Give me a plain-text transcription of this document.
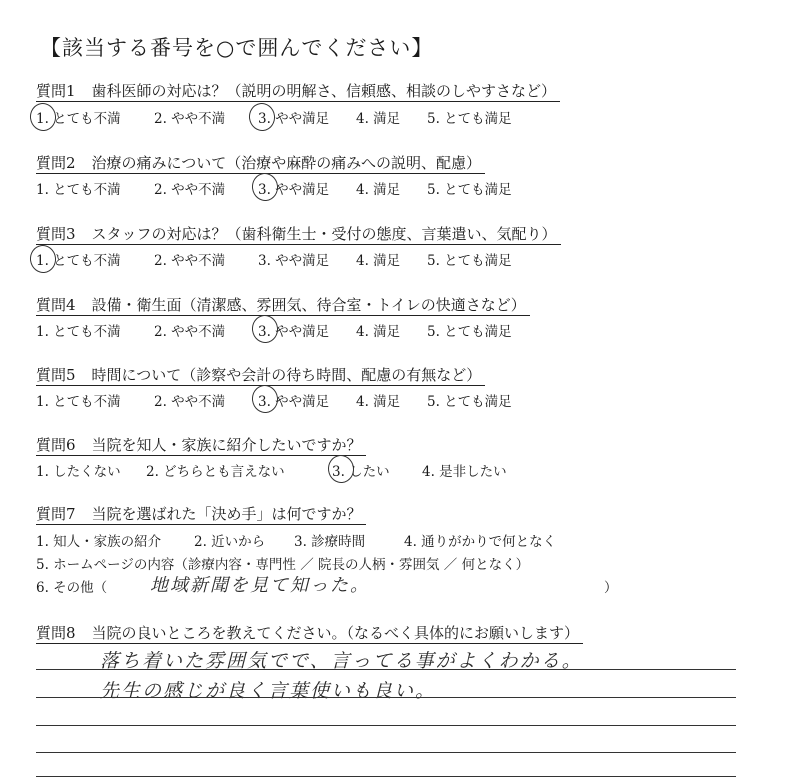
【該当する番号を○で囲んでください】
質問1 歯科医師の対応は？（説明の明解さ、信頼感、相談のしやすさなど）
1. とても不満 2. やや不満 3. やや満足 4. 満足 5. とても満足
質問2 治療の痛みについて（治療や麻酔の痛みへの説明、配慮）
1. とても不満 2. やや不満 3. やや満足 4. 満足 5. とても満足
質問3 スタッフの対応は？（歯科衛生士・受付の態度、言葉遣い、気配り）
1. とても不満 2. やや不満 3. やや満足 4. 満足 5. とても満足
質問4 設備・衛生面（清潔感、雰囲気、待合室・トイレの快適さなど）
1. とても不満 2. やや不満 3. やや満足 4. 満足 5. とても満足
質問5 時間について（診察や会計の待ち時間、配慮の有無など）
1. とても不満 2. やや不満 3. やや満足 4. 満足 5. とても満足
質問6 当院を知人・家族に紹介したいですか？
1. したくない 2. どちらとも言えない	3. したい 4. 是非したい
質問7 当院を選ばれた「決め手」は何ですか？
1. 知人・家族の紹介 2. 近いから 3. 診療時間	4. 通りがかりで何となく
5. ホームページの内容（診療内容・専門性 ／ 院長の人柄・雰囲気 ／ 何となく）
6. その他（ 地域新聞を見て知った。	）
質問8 当院の良いところを教えてください。（なるべく具体的にお願いします）
落ち着いた雰囲気でで、言ってる事がよくわかる。
先生の感じが良く言葉使いも良い。
